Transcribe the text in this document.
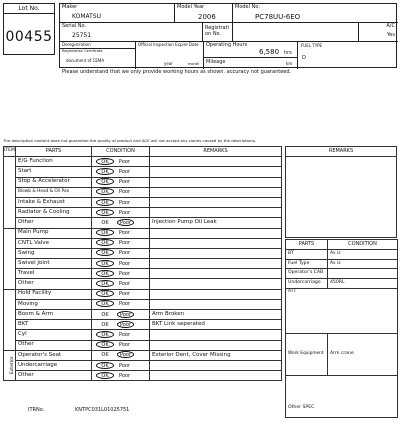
Lot No.
00455
Maker
KOMATSU
Model Year
2006
Model No.
PC78UU-6EO
Serial No.
25751
Registrati on No.
A/C
Yes
Deregistration
Registration Certificate
document of CEMA
Official Inspection Expire Date
year	month
Operating Hours
6,580 hrs
Mileage	km
FUEL TYPE
D
Please understand that we only provide working hours as shown. accuracy not guaranteed.
The description content does not guarantee the quality of product and ACE will not accept any claims caused by the descriptions.
ITEM	PARTS	CONDITION	REMARKS
	E/G Function	OK Poor	
	Start	OK Poor	
	Stop & Accelerator	OK Poor	
	Blowb & Head & Oil Pan	OK Poor	
	Intake & Exhaust	OK Poor	
	Radiator & Cooling	OK Poor	
	Other	OK Poor	Injection Pump Oil Leak
	Main Pump	OK Poor	
	CNTL Valve	OK Poor	
	Swing	OK Poor	
	Swivel Joint	OK Poor	
	Travel	OK Poor	
	Other	OK Poor	
	Hold Facility	OK Poor	
	Moving	OK Poor	
	Boom & Arm	OK Poor	Arm Broken
	BKT	OK Poor	BKT Link seperated
	Cyl	OK Poor	
	Other	OK Poor	
Exterior	Operator's Seat	OK Poor	Exterior Dent, Cover Missing
	Undercarriage	OK Poor	
	Other	OK Poor	
REMARKS

PARTS	CONDITION
BT	As is
Fuel Type	As is
Operator's CAB	
Undercarriage	450RL
ATT	
Work Equipment	Arm crane
Other SPEC	
ITRNo.	KNTPC031L01025751
